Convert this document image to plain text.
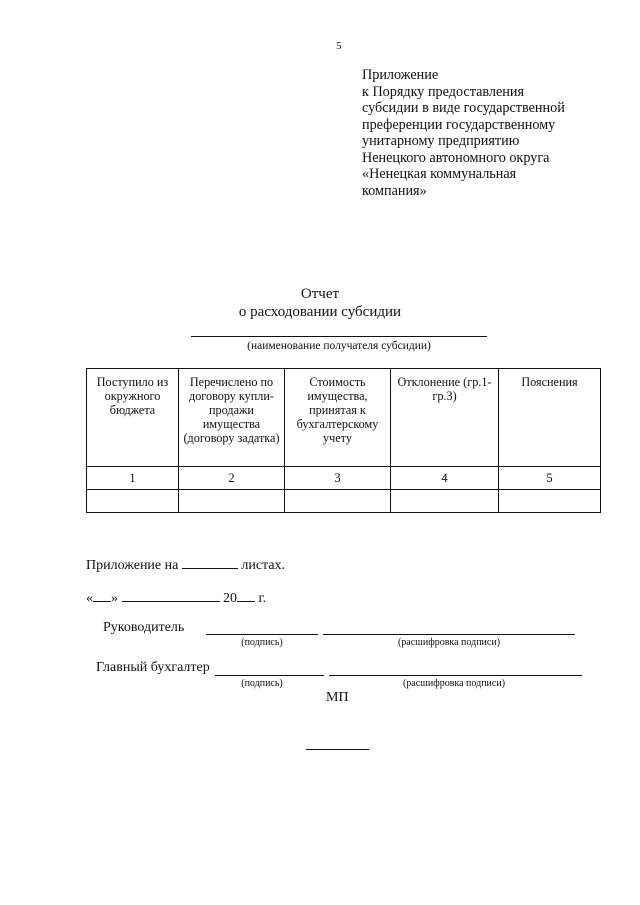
5
Приложение
к Порядку предоставления
субсидии в виде государственной
преференции государственному
унитарному предприятию
Ненецкого автономного округа
«Ненецкая коммунальная
компания»
Отчет
о расходовании субсидии
(наименование получателя субсидии)
Поступило из окружного бюджета	Перечислено по договору купли-продажи имущества (договору задатка)	Стоимость имущества, принятая к бухгалтерскому учету	Отклонение (гр.1-гр.3)	Пояснения
1	2	3	4	5

Приложение на	листах.
« »	20 г.
Руководитель
(подпись)	(расшифровка подписи)
Главный бухгалтер
(подпись)	(расшифровка подписи)
МП
